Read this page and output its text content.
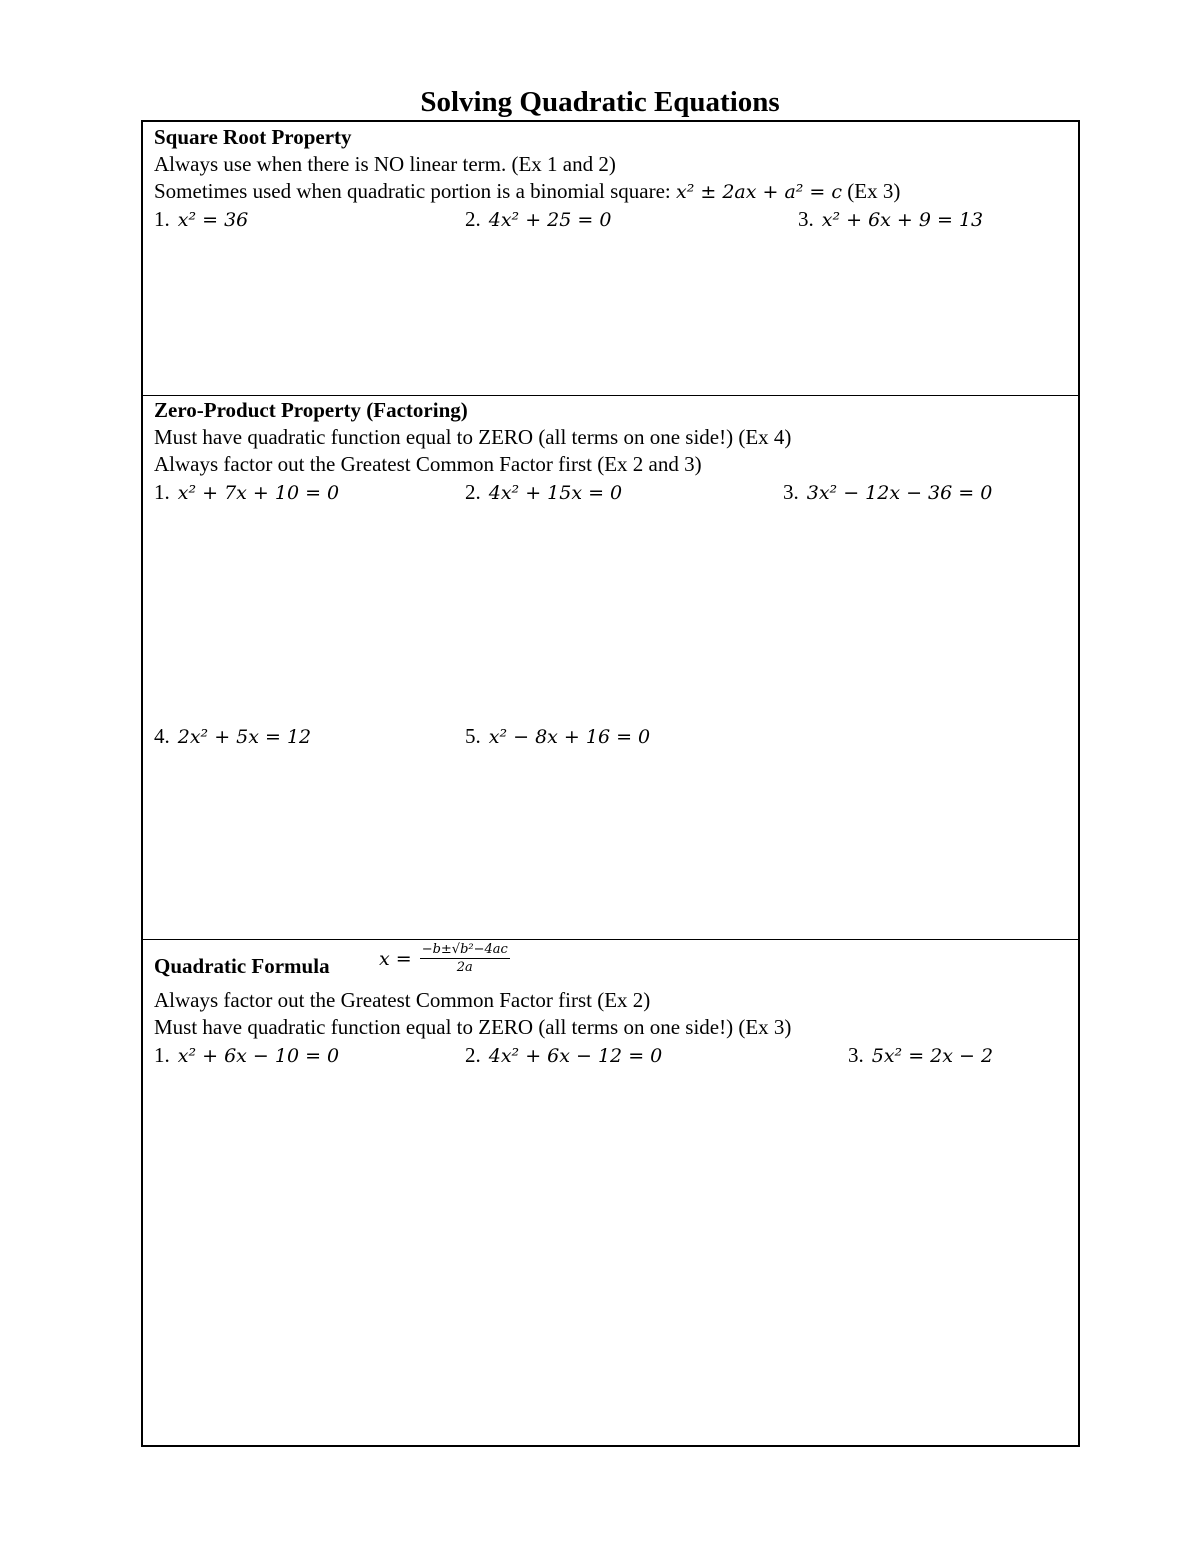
Solving Quadratic Equations
Square Root Property
Always use when there is NO linear term. (Ex 1 and 2)
Sometimes used when quadratic portion is a binomial square: x² ± 2ax + a² = c (Ex 3)
1. x² = 36	2. 4x² + 25 = 0	3. x² + 6x + 9 = 13
Zero-Product Property (Factoring)
Must have quadratic function equal to ZERO (all terms on one side!) (Ex 4)
Always factor out the Greatest Common Factor first (Ex 2 and 3)
1. x² + 7x + 10 = 0	2. 4x² + 15x = 0	3. 3x² − 12x − 36 = 0
4. 2x² + 5x = 12	5. x² − 8x + 16 = 0
Quadratic Formula	$x = \frac{\text{−b±√b²−4ac}}{2a}$
Always factor out the Greatest Common Factor first (Ex 2)
Must have quadratic function equal to ZERO (all terms on one side!) (Ex 3)
1. x² + 6x − 10 = 0	2. 4x² + 6x − 12 = 0	3. 5x² = 2x − 2
